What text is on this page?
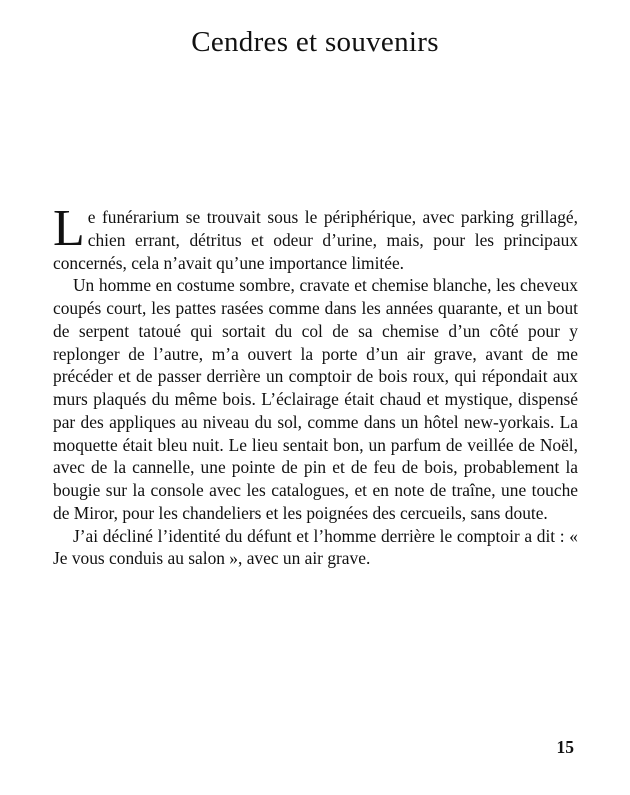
Cendres et souvenirs

Le funérarium se trouvait sous le périphérique, avec parking grillagé, chien errant, détritus et odeur d’urine, mais, pour les principaux concernés, cela n’avait qu’une importance limitée.

Un homme en costume sombre, cravate et chemise blanche, les cheveux coupés court, les pattes rasées comme dans les années quarante, et un bout de serpent tatoué qui sortait du col de sa chemise d’un côté pour y replonger de l’autre, m’a ouvert la porte d’un air grave, avant de me précéder et de passer derrière un comptoir de bois roux, qui répondait aux murs plaqués du même bois. L’éclairage était chaud et mystique, dispensé par des appliques au niveau du sol, comme dans un hôtel new-yorkais. La moquette était bleu nuit. Le lieu sentait bon, un parfum de veillée de Noël, avec de la cannelle, une pointe de pin et de feu de bois, probablement la bougie sur la console avec les catalogues, et en note de traîne, une touche de Miror, pour les chandeliers et les poignées des cercueils, sans doute.

J’ai décliné l’identité du défunt et l’homme derrière le comptoir a dit : « Je vous conduis au salon », avec un air grave.

15
